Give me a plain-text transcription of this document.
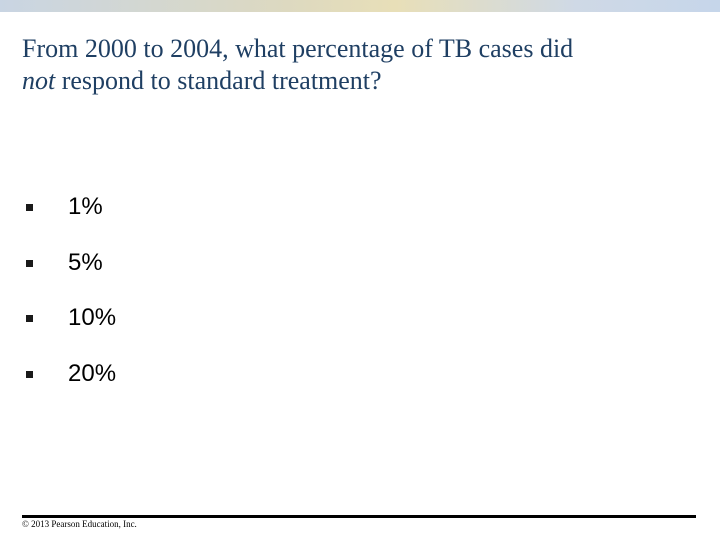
From 2000 to 2004, what percentage of TB cases did
not respond to standard treatment?
1%
5%
10%
20%
© 2013 Pearson Education, Inc.
